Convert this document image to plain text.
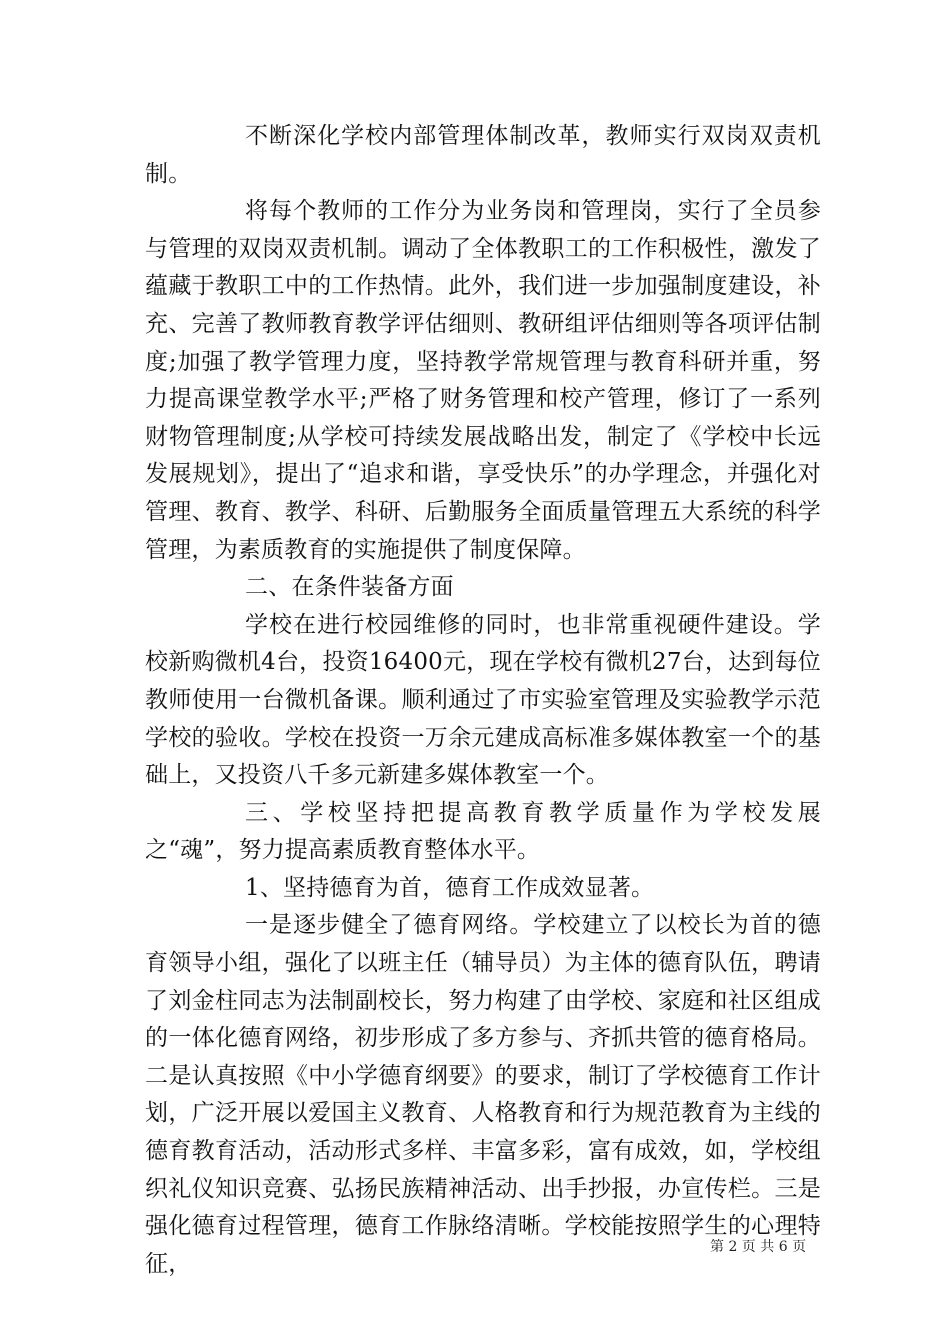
不断深化学校内部管理体制改革，教师实行双岗双责机制。

将每个教师的工作分为业务岗和管理岗，实行了全员参与管理的双岗双责机制。调动了全体教职工的工作积极性，激发了蕴藏于教职工中的工作热情。此外，我们进一步加强制度建设，补充、完善了教师教育教学评估细则、教研组评估细则等各项评估制度;加强了教学管理力度，坚持教学常规管理与教育科研并重，努力提高课堂教学水平;严格了财务管理和校产管理，修订了一系列财物管理制度;从学校可持续发展战略出发，制定了《学校中长远发展规划》，提出了“追求和谐，享受快乐”的办学理念，并强化对管理、教育、教学、科研、后勤服务全面质量管理五大系统的科学管理，为素质教育的实施提供了制度保障。

二、在条件装备方面

学校在进行校园维修的同时，也非常重视硬件建设。学校新购微机4台，投资16400元，现在学校有微机27台，达到每位教师使用一台微机备课。顺利通过了市实验室管理及实验教学示范学校的验收。学校在投资一万余元建成高标准多媒体教室一个的基础上，又投资八千多元新建多媒体教室一个。

三、学校坚持把提高教育教学质量作为学校发展之“魂”，努力提高素质教育整体水平。

1、坚持德育为首，德育工作成效显著。

一是逐步健全了德育网络。学校建立了以校长为首的德育领导小组，强化了以班主任（辅导员）为主体的德育队伍，聘请了刘金柱同志为法制副校长，努力构建了由学校、家庭和社区组成的一体化德育网络，初步形成了多方参与、齐抓共管的德育格局。二是认真按照《中小学德育纲要》的要求，制订了学校德育工作计划，广泛开展以爱国主义教育、人格教育和行为规范教育为主线的德育教育活动，活动形式多样、丰富多彩，富有成效，如，学校组织礼仪知识竞赛、弘扬民族精神活动、出手抄报，办宣传栏。三是强化德育过程管理，德育工作脉络清晰。学校能按照学生的心理特征，

第 2 页 共 6 页
